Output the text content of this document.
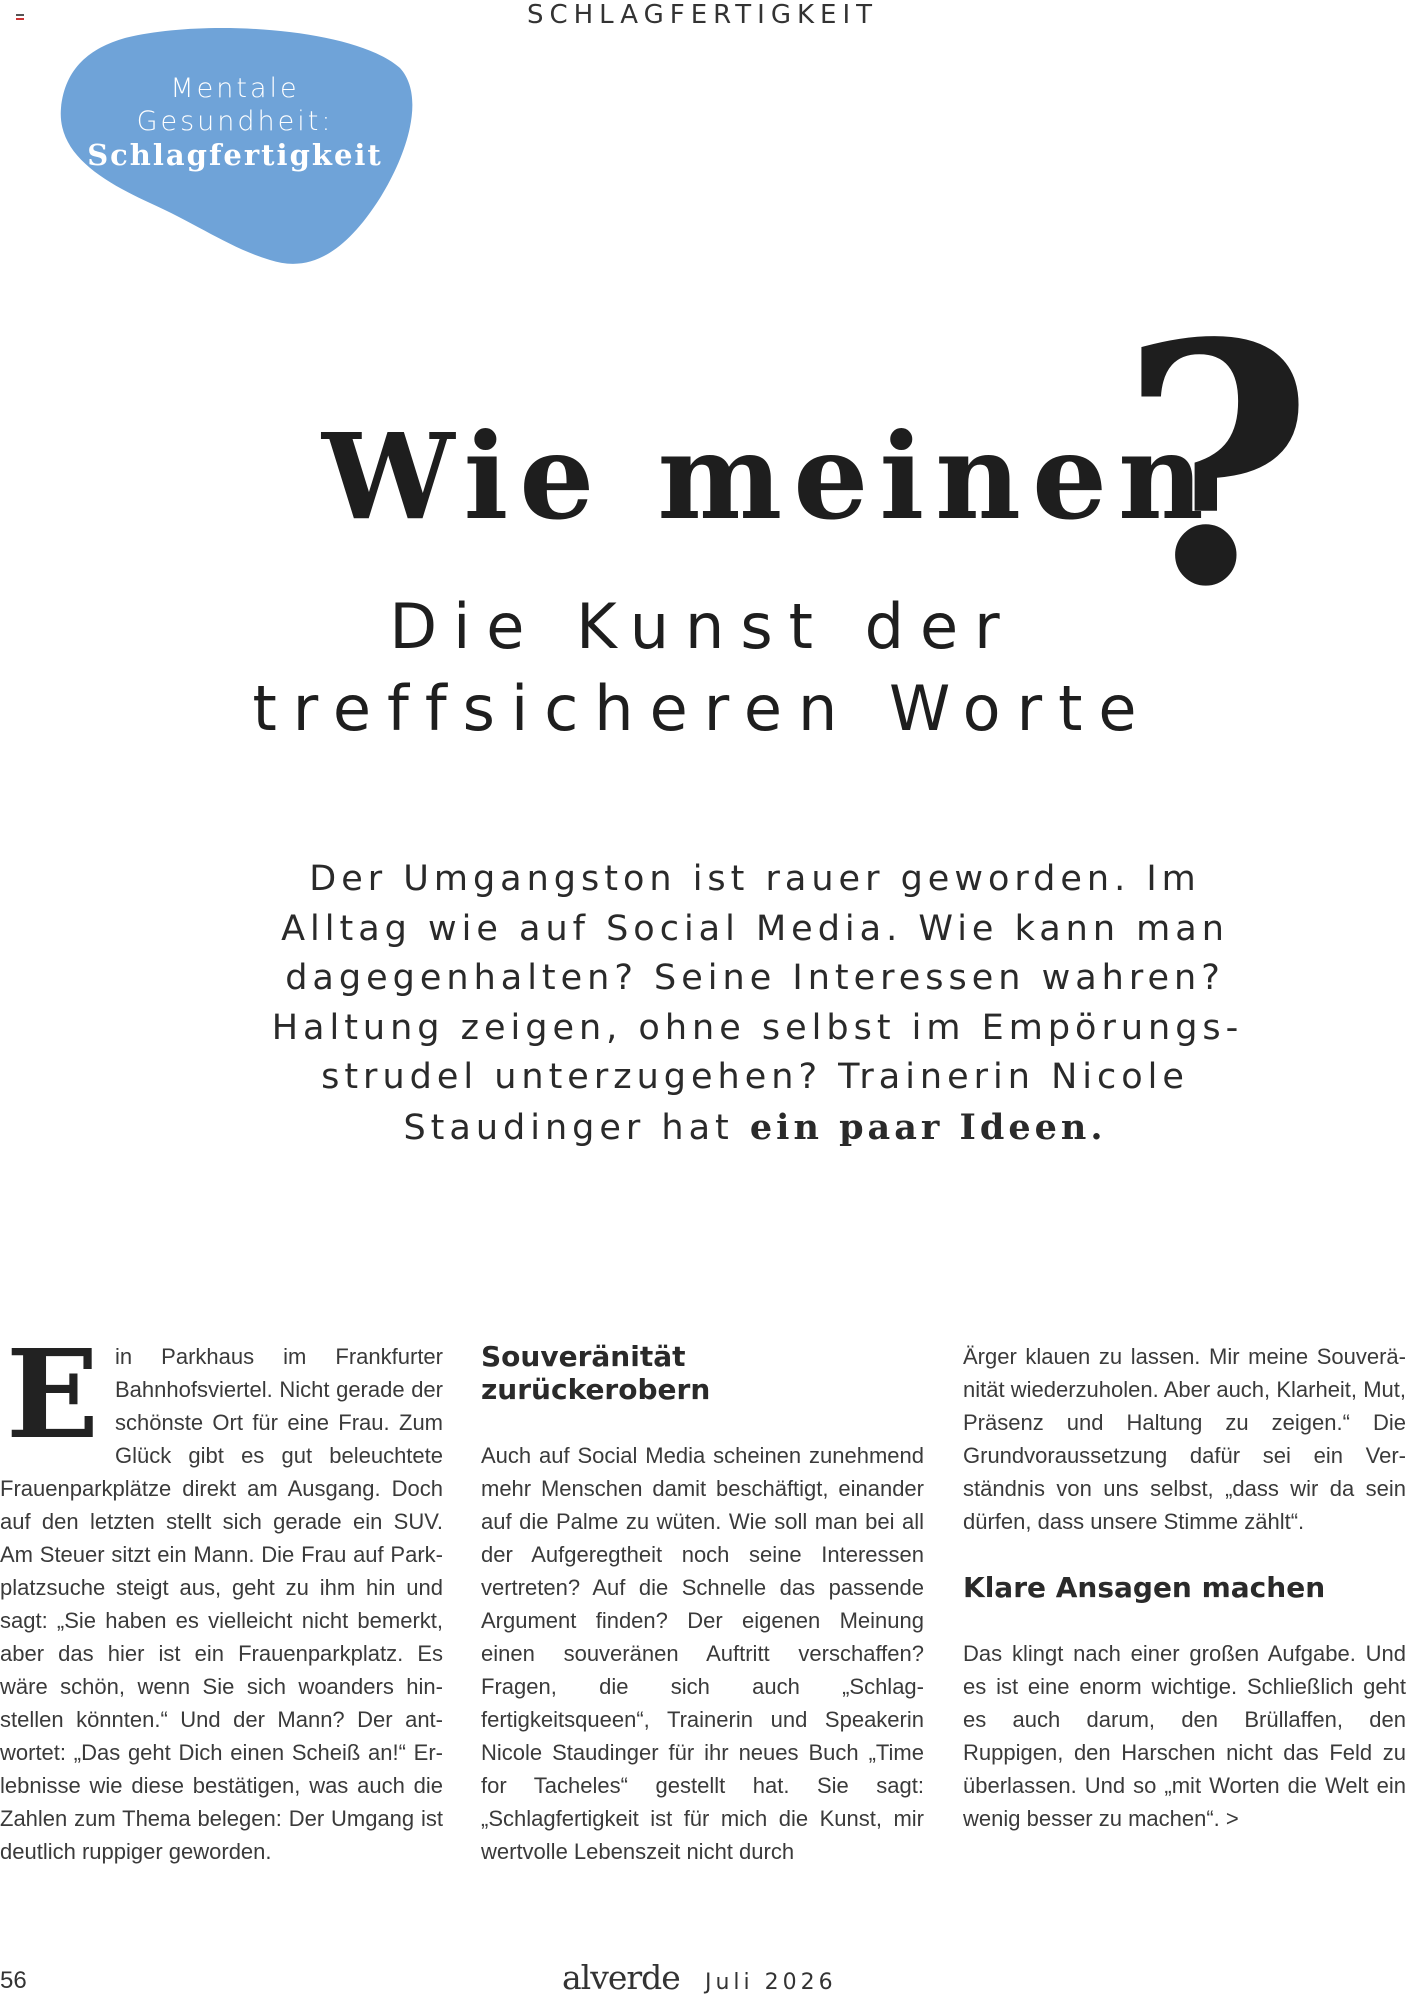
SCHLAGFERTIGKEIT
Mentale
Gesundheit:
Schlagfertigkeit
Wie meinen
?
Die Kunst der
treffsicheren Worte
Der Umgangston ist rauer geworden. Im Alltag wie auf Social Media. Wie kann man dagegenhalten? Seine Interessen wahren? Haltung zeigen, ohne selbst im Empörungsstrudel unterzugehen? Trainerin Nicole Staudinger hat ein paar Ideen.
E in Parkhaus im Frankfurter Bahnhofsviertel. Nicht gerade der schönste Ort für eine Frau. Zum Glück gibt es gut beleuchtete Frauenparkplätze direkt am Ausgang. Doch auf den letzten stellt sich gerade ein SUV. Am Steuer sitzt ein Mann. Die Frau auf Parkplatzsuche steigt aus, geht zu ihm hin und sagt: „Sie haben es vielleicht nicht bemerkt, aber das hier ist ein Frauenparkplatz. Es wäre schön, wenn Sie sich woanders hinstellen könnten.“ Und der Mann? Der antwortet: „Das geht Dich einen Scheiß an!“ Erlebnisse wie diese bestätigen, was auch die Zahlen zum Thema belegen: Der Umgang ist deutlich ruppiger geworden.

Souveränität zurückerobern

Auch auf Social Media scheinen zunehmend mehr Menschen damit beschäftigt, einander auf die Palme zu wüten. Wie soll man bei all der Aufgeregtheit noch seine Interessen vertreten? Auf die Schnelle das passende Argument finden? Der eigenen Meinung einen souveränen Auftritt verschaffen? Fragen, die sich auch „Schlagfertigkeitsqueen“, Trainerin und Speakerin Nicole Staudinger für ihr neues Buch „Time for Tacheles“ gestellt hat. Sie sagt: „Schlagfertigkeit ist für mich die Kunst, mir wertvolle Lebenszeit nicht durch

Ärger klauen zu lassen. Mir meine Souveränität wiederzuholen. Aber auch, Klarheit, Mut, Präsenz und Haltung zu zeigen.“ Die Grundvoraussetzung dafür sei ein Verständnis von uns selbst, „dass wir da sein dürfen, dass unsere Stimme zählt“.

Klare Ansagen machen

Das klingt nach einer großen Aufgabe. Und es ist eine enorm wichtige. Schließlich geht es auch darum, den Brüllaffen, den Ruppigen, den Harschen nicht das Feld zu überlassen. Und so „mit Worten die Welt ein wenig besser zu machen“. >

56	alverde Juli 2026
